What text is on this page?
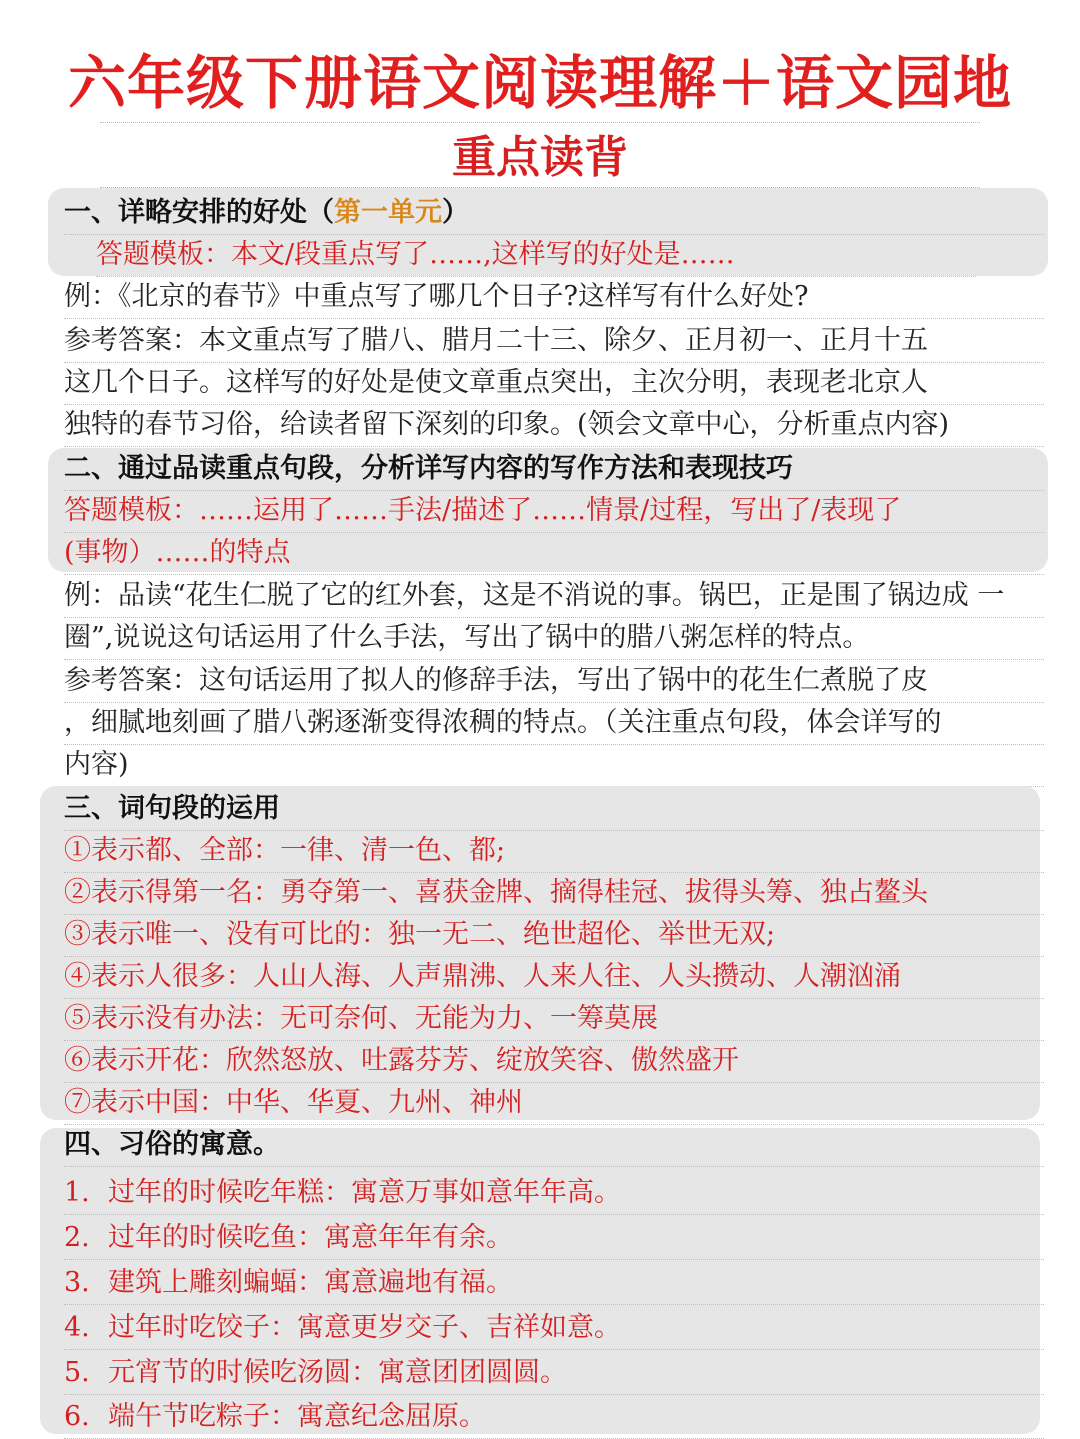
六年级下册语文阅读理解＋语文园地
重点读背
一、详略安排的好处（第一单元）
答题模板：本文/段重点写了……,这样写的好处是……
例：《北京的春节》中重点写了哪几个日子?这样写有什么好处?
参考答案：本文重点写了腊八、腊月二十三、除夕、正月初一、正月十五
这几个日子。这样写的好处是使文章重点突出，主次分明，表现老北京人
独特的春节习俗，给读者留下深刻的印象。(领会文章中心，分析重点内容)
二、通过品读重点句段，分析详写内容的写作方法和表现技巧
答题模板：……运用了……手法/描述了……情景/过程，写出了/表现了
(事物）……的特点
例：品读“花生仁脱了它的红外套，这是不消说的事。锅巴，正是围了锅边成 一
圈”,说说这句话运用了什么手法，写出了锅中的腊八粥怎样的特点。
参考答案：这句话运用了拟人的修辞手法，写出了锅中的花生仁煮脱了皮
，细腻地刻画了腊八粥逐渐变得浓稠的特点。（关注重点句段，体会详写的
内容)
三、词句段的运用
①表示都、全部：一律、清一色、都;
②表示得第一名：勇夺第一、喜获金牌、摘得桂冠、拔得头筹、独占鳌头
③表示唯一、没有可比的：独一无二、绝世超伦、举世无双;
④表示人很多：人山人海、人声鼎沸、人来人往、人头攒动、人潮汹涌
⑤表示没有办法：无可奈何、无能为力、一筹莫展
⑥表示开花：欣然怒放、吐露芬芳、绽放笑容、傲然盛开
⑦表示中国：中华、华夏、九州、神州
四、习俗的寓意。
1. 过年的时候吃年糕：寓意万事如意年年高。
2. 过年的时候吃鱼：寓意年年有余。
3. 建筑上雕刻蝙蝠：寓意遍地有福。
4. 过年时吃饺子：寓意更岁交子、吉祥如意。
5. 元宵节的时候吃汤圆：寓意团团圆圆。
6. 端午节吃粽子：寓意纪念屈原。
